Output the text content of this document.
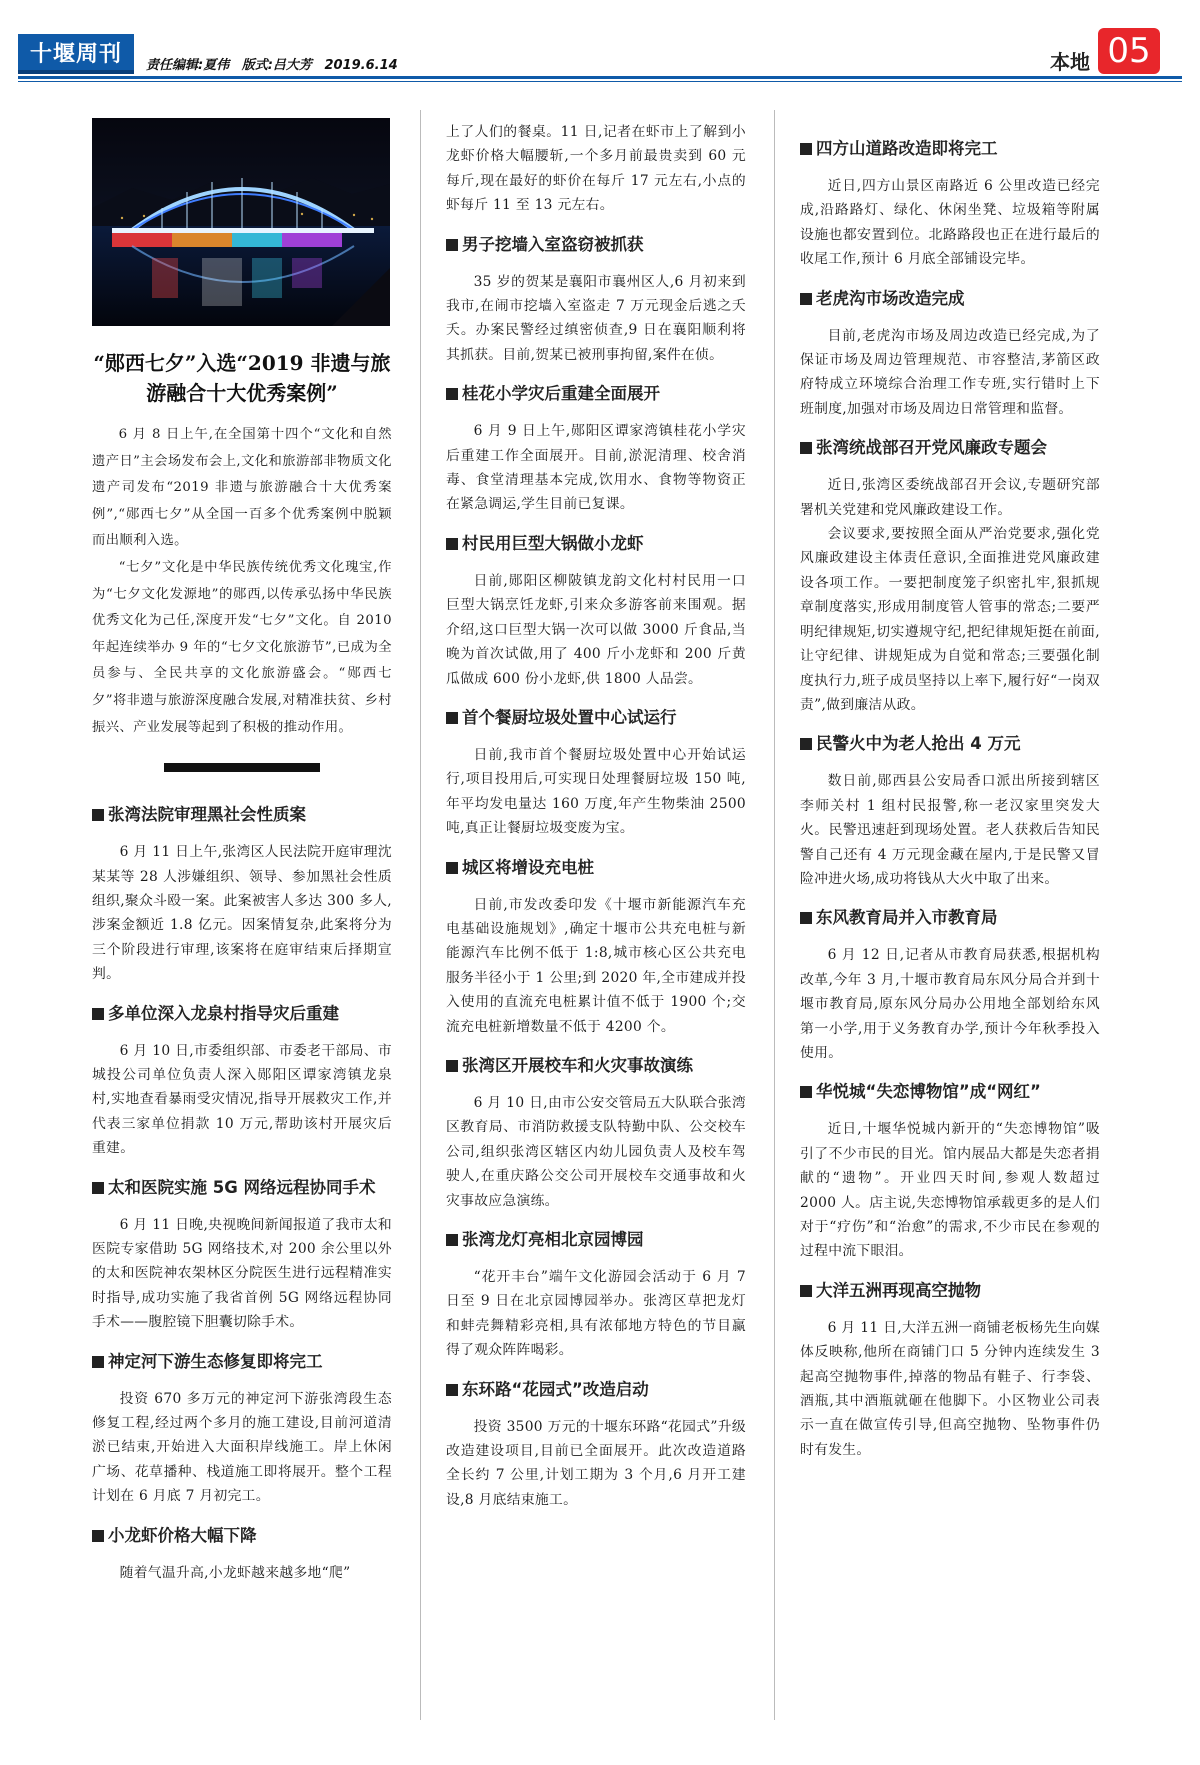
十堰周刊	责任编辑:夏伟 版式:吕大芳 2019.6.14	本地 05
“郧西七夕”入选“2019 非遗与旅
游融合十大优秀案例”

6 月 8 日上午,在全国第十四个“文化和自然遗产日”主会场发布会上,文化和旅游部非物质文化遗产司发布“2019 非遗与旅游融合十大优秀案例”,“郧西七夕”从全国一百多个优秀案例中脱颖而出顺利入选。

“七夕”文化是中华民族传统优秀文化瑰宝,作为“七夕文化发源地”的郧西,以传承弘扬中华民族优秀文化为己任,深度开发“七夕”文化。自 2010 年起连续举办 9 年的“七夕文化旅游节”,已成为全员参与、全民共享的文化旅游盛会。“郧西七夕”将非遗与旅游深度融合发展,对精准扶贫、乡村振兴、产业发展等起到了积极的推动作用。

张湾法院审理黑社会性质案

6 月 11 日上午,张湾区人民法院开庭审理沈某某等 28 人涉嫌组织、领导、参加黑社会性质组织,聚众斗殴一案。此案被害人多达 300 多人,涉案金额近 1.8 亿元。因案情复杂,此案将分为三个阶段进行审理,该案将在庭审结束后择期宣判。

多单位深入龙泉村指导灾后重建

6 月 10 日,市委组织部、市委老干部局、市城投公司单位负责人深入郧阳区谭家湾镇龙泉村,实地查看暴雨受灾情况,指导开展救灾工作,并代表三家单位捐款 10 万元,帮助该村开展灾后重建。

太和医院实施 5G 网络远程协同手术

6 月 11 日晚,央视晚间新闻报道了我市太和医院专家借助 5G 网络技术,对 200 余公里以外的太和医院神农架林区分院医生进行远程精准实时指导,成功实施了我省首例 5G 网络远程协同手术——腹腔镜下胆囊切除手术。

神定河下游生态修复即将完工

投资 670 多万元的神定河下游张湾段生态修复工程,经过两个多月的施工建设,目前河道清淤已结束,开始进入大面积岸线施工。岸上休闲广场、花草播种、栈道施工即将展开。整个工程计划在 6 月底 7 月初完工。

小龙虾价格大幅下降

随着气温升高,小龙虾越来越多地“爬”

上了人们的餐桌。11 日,记者在虾市上了解到小龙虾价格大幅腰斩,一个多月前最贵卖到 60 元每斤,现在最好的虾价在每斤 17 元左右,小点的虾每斤 11 至 13 元左右。

男子挖墙入室盗窃被抓获

35 岁的贺某是襄阳市襄州区人,6 月初来到我市,在闹市挖墙入室盗走 7 万元现金后逃之夭夭。办案民警经过缜密侦查,9 日在襄阳顺利将其抓获。目前,贺某已被刑事拘留,案件在侦。

桂花小学灾后重建全面展开

6 月 9 日上午,郧阳区谭家湾镇桂花小学灾后重建工作全面展开。目前,淤泥清理、校舍消毒、食堂清理基本完成,饮用水、食物等物资正在紧急调运,学生目前已复课。

村民用巨型大锅做小龙虾

日前,郧阳区柳陂镇龙韵文化村村民用一口巨型大锅烹饪龙虾,引来众多游客前来围观。据介绍,这口巨型大锅一次可以做 3000 斤食品,当晚为首次试做,用了 400 斤小龙虾和 200 斤黄瓜做成 600 份小龙虾,供 1800 人品尝。

首个餐厨垃圾处置中心试运行

日前,我市首个餐厨垃圾处置中心开始试运行,项目投用后,可实现日处理餐厨垃圾 150 吨,年平均发电量达 160 万度,年产生物柴油 2500 吨,真正让餐厨垃圾变废为宝。

城区将增设充电桩

日前,市发改委印发《十堰市新能源汽车充电基础设施规划》,确定十堰市公共充电桩与新能源汽车比例不低于 1:8,城市核心区公共充电服务半径小于 1 公里;到 2020 年,全市建成并投入使用的直流充电桩累计值不低于 1900 个;交流充电桩新增数量不低于 4200 个。

张湾区开展校车和火灾事故演练

6 月 10 日,由市公安交管局五大队联合张湾区教育局、市消防救援支队特勤中队、公交校车公司,组织张湾区辖区内幼儿园负责人及校车驾驶人,在重庆路公交公司开展校车交通事故和火灾事故应急演练。

张湾龙灯亮相北京园博园

“花开丰台”端午文化游园会活动于 6 月 7 日至 9 日在北京园博园举办。张湾区草把龙灯和蚌壳舞精彩亮相,具有浓郁地方特色的节目赢得了观众阵阵喝彩。

东环路“花园式”改造启动

投资 3500 万元的十堰东环路“花园式”升级改造建设项目,目前已全面展开。此次改造道路全长约 7 公里,计划工期为 3 个月,6 月开工建设,8 月底结束施工。

四方山道路改造即将完工

近日,四方山景区南路近 6 公里改造已经完成,沿路路灯、绿化、休闲坐凳、垃圾箱等附属设施也都安置到位。北路路段也正在进行最后的收尾工作,预计 6 月底全部铺设完毕。

老虎沟市场改造完成

目前,老虎沟市场及周边改造已经完成,为了保证市场及周边管理规范、市容整洁,茅箭区政府特成立环境综合治理工作专班,实行错时上下班制度,加强对市场及周边日常管理和监督。

张湾统战部召开党风廉政专题会

近日,张湾区委统战部召开会议,专题研究部署机关党建和党风廉政建设工作。

会议要求,要按照全面从严治党要求,强化党风廉政建设主体责任意识,全面推进党风廉政建设各项工作。一要把制度笼子织密扎牢,狠抓规章制度落实,形成用制度管人管事的常态;二要严明纪律规矩,切实遵规守纪,把纪律规矩挺在前面,让守纪律、讲规矩成为自觉和常态;三要强化制度执行力,班子成员坚持以上率下,履行好“一岗双责”,做到廉洁从政。

民警火中为老人抢出 4 万元

数日前,郧西县公安局香口派出所接到辖区李师关村 1 组村民报警,称一老汉家里突发大火。民警迅速赶到现场处置。老人获救后告知民警自己还有 4 万元现金藏在屋内,于是民警又冒险冲进火场,成功将钱从大火中取了出来。

东风教育局并入市教育局

6 月 12 日,记者从市教育局获悉,根据机构改革,今年 3 月,十堰市教育局东风分局合并到十堰市教育局,原东风分局办公用地全部划给东风第一小学,用于义务教育办学,预计今年秋季投入使用。

华悦城“失恋博物馆”成“网红”

近日,十堰华悦城内新开的“失恋博物馆”吸引了不少市民的目光。馆内展品大都是失恋者捐献的“遗物”。开业四天时间,参观人数超过 2000 人。店主说,失恋博物馆承载更多的是人们对于“疗伤”和“治愈”的需求,不少市民在参观的过程中流下眼泪。

大洋五洲再现高空抛物

6 月 11 日,大洋五洲一商铺老板杨先生向媒体反映称,他所在商铺门口 5 分钟内连续发生 3 起高空抛物事件,掉落的物品有鞋子、行李袋、酒瓶,其中酒瓶就砸在他脚下。小区物业公司表示一直在做宣传引导,但高空抛物、坠物事件仍时有发生。
